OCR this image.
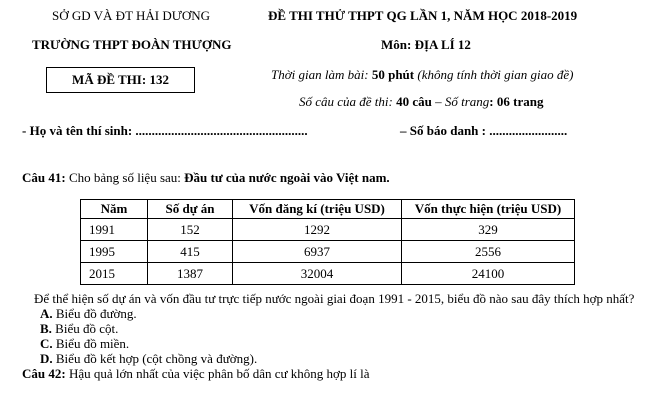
SỞ GD VÀ ĐT HẢI DƯƠNG	ĐỀ THI THỬ THPT QG LẦN 1, NĂM HỌC 2018-2019
TRƯỜNG THPT ĐOÀN THƯỢNG	Môn: ĐỊA LÍ 12
MÃ ĐỀ THI: 132	Thời gian làm bài: 50 phút (không tính thời gian giao đề)
Số câu của đề thi: 40 câu – Số trang: 06 trang
- Họ và tên thí sinh: .....................................................	– Số báo danh : ........................
Câu 41: Cho bảng số liệu sau: Đầu tư của nước ngoài vào Việt nam.
Năm	Số dự án	Vốn đăng kí (triệu USD)	Vốn thực hiện (triệu USD)
1991	152	1292	329
1995	415	6937	2556
2015	1387	32004	24100
Để thể hiện số dự án và vốn đầu tư trực tiếp nước ngoài giai đoạn 1991 - 2015, biểu đồ nào sau đây thích hợp nhất?
A. Biểu đồ đường.
B. Biểu đồ cột.
C. Biểu đồ miền.
D. Biểu đồ kết hợp (cột chồng và đường).
Câu 42: Hậu quả lớn nhất của việc phân bố dân cư không hợp lí là
